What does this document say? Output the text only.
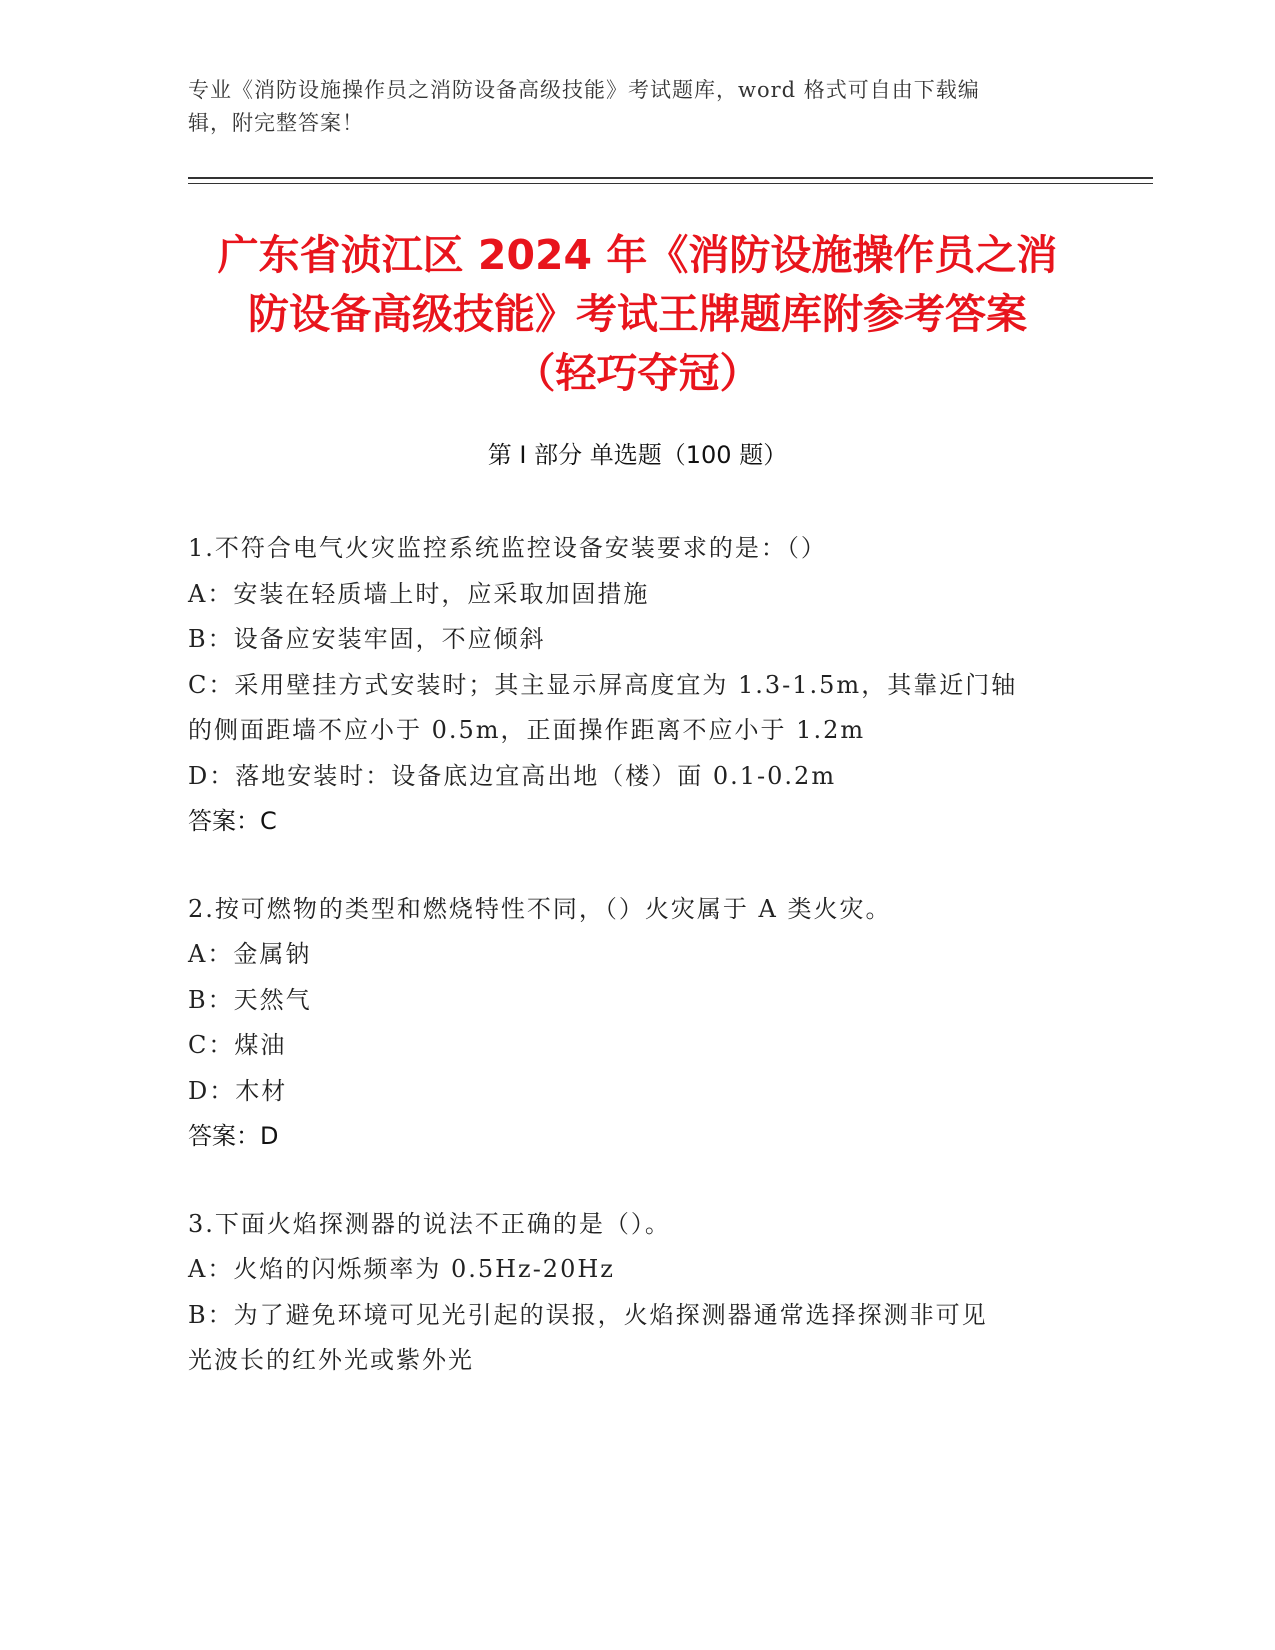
专业《消防设施操作员之消防设备高级技能》考试题库，word 格式可自由下载编
辑，附完整答案！
广东省浈江区 2024 年《消防设施操作员之消
防设备高级技能》考试王牌题库附参考答案
（轻巧夺冠）
第 I 部分 单选题（100 题）
1.不符合电气火灾监控系统监控设备安装要求的是：（）
A：安装在轻质墙上时，应采取加固措施
B：设备应安装牢固，不应倾斜
C：采用壁挂方式安装时；其主显示屏高度宜为 1.3-1.5m，其靠近门轴
的侧面距墙不应小于 0.5m，正面操作距离不应小于 1.2m
D：落地安装时：设备底边宜高出地（楼）面 0.1-0.2m
答案：C
2.按可燃物的类型和燃烧特性不同，（）火灾属于 A 类火灾。
A：金属钠
B：天然气
C：煤油
D：木材
答案：D
3.下面火焰探测器的说法不正确的是（）。
A：火焰的闪烁频率为 0.5Hz-20Hz
B：为了避免环境可见光引起的误报，火焰探测器通常选择探测非可见
光波长的红外光或紫外光
